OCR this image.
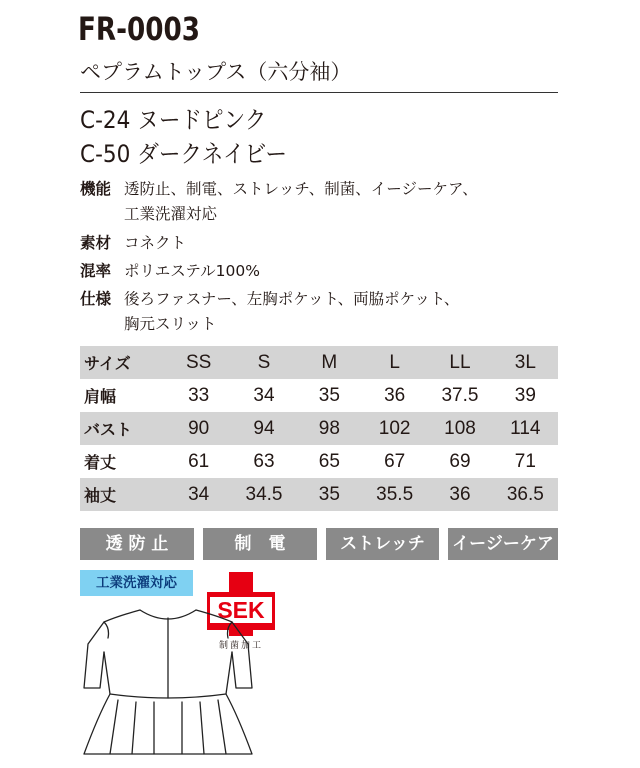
FR-0003
ペプラムトップス（六分袖）
C-24 ヌードピンク
C-50 ダークネイビー
機能 透防止、制電、ストレッチ、制菌、イージーケア、
工業洗濯対応
素材 コネクト
混率 ポリエステル100%
仕様 後ろファスナー、左胸ポケット、両脇ポケット、
胸元スリット
サイズ	SS	S	M	L	LL	3L
肩幅	33	34	35	36	37.5	39
バスト	90	94	98	102	108	114
着丈	61	63	65	67	69	71
袖丈	34	34.5	35	35.5	36	36.5
透 防 止	制　電	ストレッチ	イージーケア
工業洗濯対応
SEK
制菌加工
